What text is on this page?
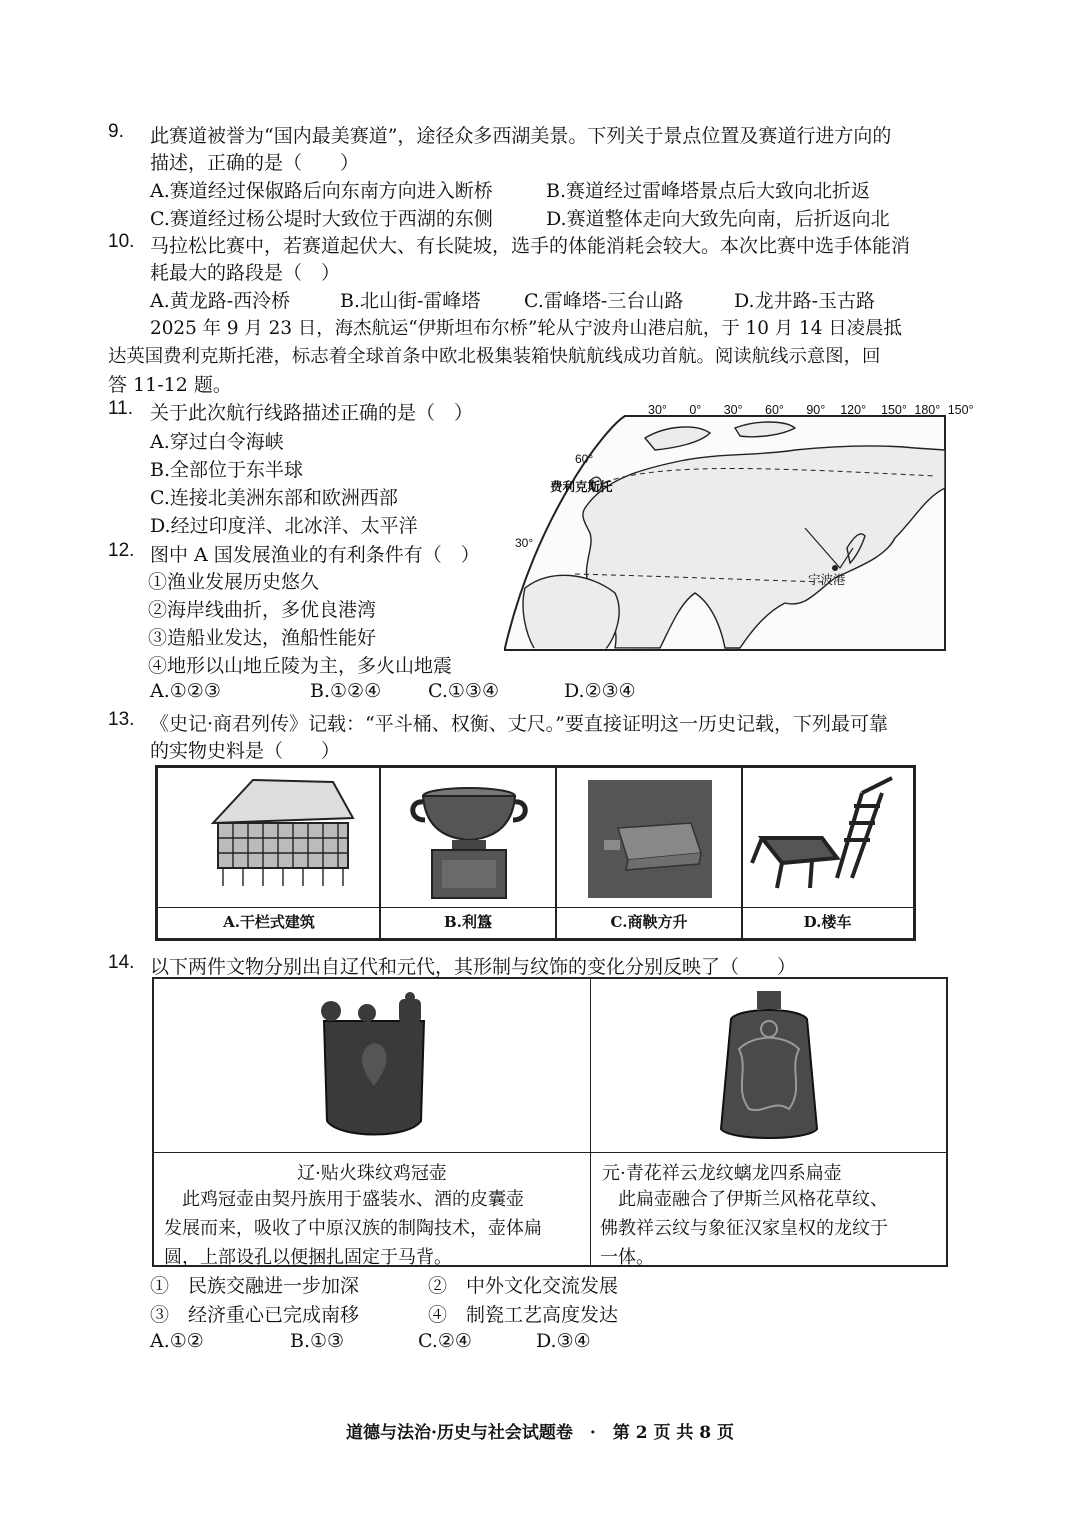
9. 此赛道被誉为“国内最美赛道”，途径众多西湖美景。下列关于景点位置及赛道行进方向的
描述，正确的是（　　）
A.赛道经过保俶路后向东南方向进入断桥	B.赛道经过雷峰塔景点后大致向北折返
C.赛道经过杨公堤时大致位于西湖的东侧	D.赛道整体走向大致先向南，后折返向北
10. 马拉松比赛中，若赛道起伏大、有长陡坡，选手的体能消耗会较大。本次比赛中选手体能消
耗最大的路段是（　）
A.黄龙路-西泠桥	B.北山街-雷峰塔 C.雷峰塔-三台山路	D.龙井路-玉古路
2025 年 9 月 23 日，海杰航运“伊斯坦布尔桥”轮从宁波舟山港启航，于 10 月 14 日凌晨抵
达英国费利克斯托港，标志着全球首条中欧北极集装箱快航航线成功首航。阅读航线示意图，回
答 11-12 题。
11. 关于此次航行线路描述正确的是（　）
A.穿过白令海峡
B.全部位于东半球
C.连接北美洲东部和欧洲西部
D.经过印度洋、北冰洋、太平洋
12. 图中 A 国发展渔业的有利条件有（　）
①渔业发展历史悠久
②海岸线曲折，多优良港湾
③造船业发达，渔船性能好
④地形以山地丘陵为主，多火山地震
A.①②③	B.①②④ C.①③④	D.②③④
30° 0° 30° 60° 90° 120° 150° 180° 150°
60°
30°
费利克斯托
宁波港
13. 《史记·商君列传》记载：“平斗桶、权衡、丈尺。”要直接证明这一历史记载，下列最可靠
的实物史料是（　　）
A.干栏式建筑	B.利簋	C.商鞅方升	D.楼车
14. 以下两件文物分别出自辽代和元代，其形制与纹饰的变化分别反映了（　　）
辽·贴火珠纹鸡冠壶
　此鸡冠壶由契丹族用于盛装水、酒的皮囊壶
发展而来，吸收了中原汉族的制陶技术，壶体扁
圆，上部设孔以便捆扎固定于马背。
元·青花祥云龙纹螭龙四系扁壶
　此扁壶融合了伊斯兰风格花草纹、
佛教祥云纹与象征汉家皇权的龙纹于
一体。
①　民族交融进一步加深	②　中外文化交流发展
③　经济重心已完成南移	④　制瓷工艺高度发达
A.①②	B.①③	C.②④	D.③④
道德与法治·历史与社会试题卷　·　第 2 页 共 8 页
